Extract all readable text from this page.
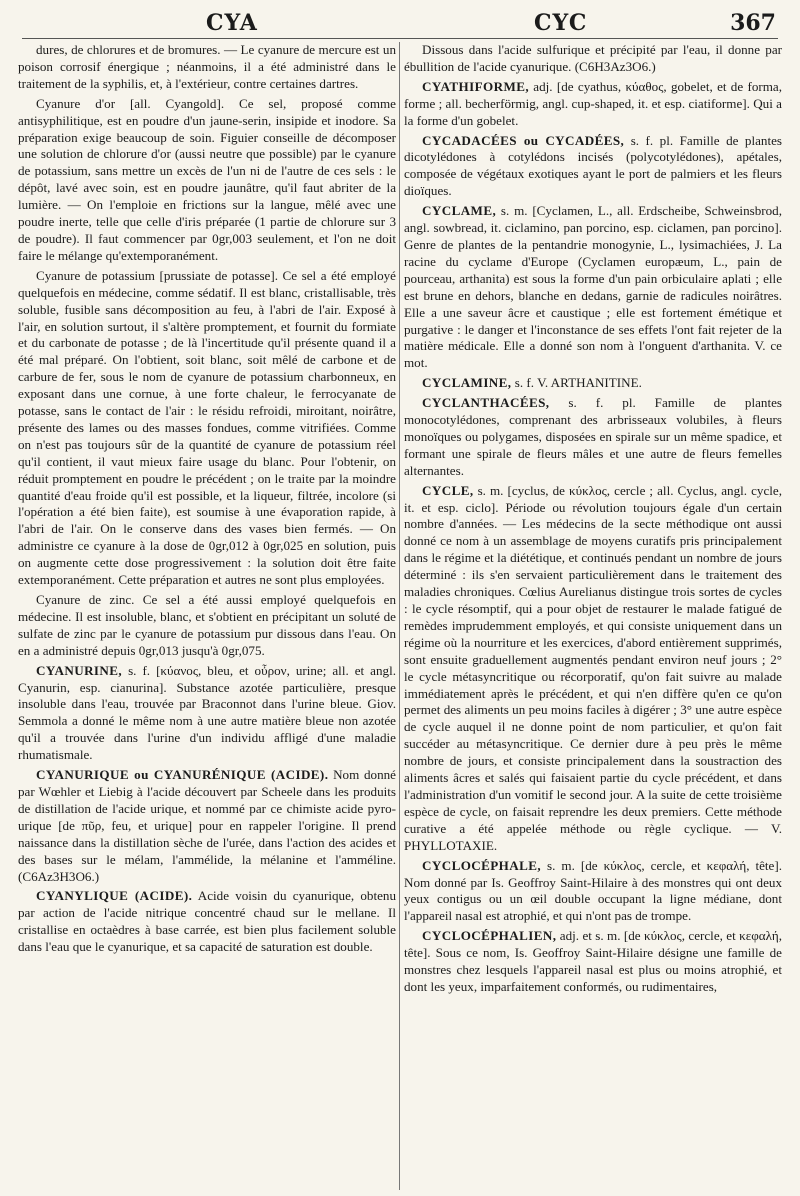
CYA	CYC	367

dures, de chlorures et de bromures. — Le cyanure de mercure est un poison corrosif énergique ; néanmoins, il a été administré dans le traitement de la syphilis, et, à l'extérieur, contre certaines dartres.

Cyanure d'or [all. Cyangold]. Ce sel, proposé comme antisyphilitique, est en poudre d'un jaune-serin, insipide et inodore. Sa préparation exige beaucoup de soin. Figuier conseille de décomposer une solution de chlorure d'or (aussi neutre que possible) par le cyanure de potassium, sans mettre un excès de l'un ni de l'autre de ces sels : le dépôt, lavé avec soin, est en poudre jaunâtre, qu'il faut abriter de la lumière. — On l'emploie en frictions sur la langue, mêlé avec une poudre inerte, telle que celle d'iris préparée (1 partie de chlorure sur 3 de poudre). Il faut commencer par 0gr,003 seulement, et l'on ne doit faire le mélange qu'extemporanément.

Cyanure de potassium [prussiate de potasse]. Ce sel a été employé quelquefois en médecine, comme sédatif. Il est blanc, cristallisable, très soluble, fusible sans décomposition au feu, à l'abri de l'air. Exposé à l'air, en solution surtout, il s'altère promptement, et fournit du formiate et du carbonate de potasse ; de là l'incertitude qu'il présente quand il a été mal préparé. On l'obtient, soit blanc, soit mêlé de carbone et de carbure de fer, sous le nom de cyanure de potassium charbonneux, en exposant dans une cornue, à une forte chaleur, le ferrocyanate de potasse, sans le contact de l'air : le résidu refroidi, miroitant, noirâtre, présente des lames ou des masses fondues, comme vitrifiées. Comme on n'est pas toujours sûr de la quantité de cyanure de potassium réel qu'il contient, il vaut mieux faire usage du blanc. Pour l'obtenir, on réduit promptement en poudre le précédent ; on le traite par la moindre quantité d'eau froide qu'il est possible, et la liqueur, filtrée, incolore (si l'opération a été bien faite), est soumise à une évaporation rapide, à l'abri de l'air. On le conserve dans des vases bien fermés. — On administre ce cyanure à la dose de 0gr,012 à 0gr,025 en solution, puis on augmente cette dose progressivement : la solution doit être faite extemporanément. Cette préparation et autres ne sont plus employées.

Cyanure de zinc. Ce sel a été aussi employé quelquefois en médecine. Il est insoluble, blanc, et s'obtient en précipitant un soluté de sulfate de zinc par le cyanure de potassium pur dissous dans l'eau. On en a administré depuis 0gr,013 jusqu'à 0gr,075.

CYANURINE, s. f. [κύανος, bleu, et οὖρον, urine; all. et angl. Cyanurin, esp. cianurina]. Substance azotée particulière, presque insoluble dans l'eau, trouvée par Braconnot dans l'urine bleue. Giov. Semmola a donné le même nom à une autre matière bleue non azotée qu'il a trouvée dans l'urine d'un individu affligé d'une maladie rhumatismale.

CYANURIQUE ou CYANURÉNIQUE (ACIDE). Nom donné par Wœhler et Liebig à l'acide découvert par Scheele dans les produits de distillation de l'acide urique, et nommé par ce chimiste acide pyro-urique [de πῦρ, feu, et urique] pour en rappeler l'origine. Il prend naissance dans la distillation sèche de l'urée, dans l'action des acides et des bases sur le mélam, l'ammélide, la mélanine et l'amméline. (C6Az3H3O6.)

CYANYLIQUE (ACIDE). Acide voisin du cyanurique, obtenu par action de l'acide nitrique concentré chaud sur le mellane. Il cristallise en octaèdres à base carrée, est bien plus facilement soluble dans l'eau que le cyanurique, et sa capacité de saturation est double.

Dissous dans l'acide sulfurique et précipité par l'eau, il donne par ébullition de l'acide cyanurique. (C6H3Az3O6.)

CYATHIFORME, adj. [de cyathus, κύαθος, gobelet, et de forma, forme ; all. becherförmig, angl. cup-shaped, it. et esp. ciatiforme]. Qui a la forme d'un gobelet.

CYCADACÉES ou CYCADÉES, s. f. pl. Famille de plantes dicotylédones à cotylédons incisés (polycotylédones), apétales, composée de végétaux exotiques ayant le port de palmiers et les fleurs dioïques.

CYCLAME, s. m. [Cyclamen, L., all. Erdscheibe, Schweinsbrod, angl. sowbread, it. ciclamino, pan porcino, esp. ciclamen, pan porcino]. Genre de plantes de la pentandrie monogynie, L., lysimachiées, J. La racine du cyclame d'Europe (Cyclamen europæum, L., pain de pourceau, arthanita) est sous la forme d'un pain orbiculaire aplati ; elle est brune en dehors, blanche en dedans, garnie de radicules noirâtres. Elle a une saveur âcre et caustique ; elle est fortement émétique et purgative : le danger et l'inconstance de ses effets l'ont fait rejeter de la matière médicale. Elle a donné son nom à l'onguent d'arthanita. V. ce mot.

CYCLAMINE, s. f. V. ARTHANITINE.

CYCLANTHACÉES, s. f. pl. Famille de plantes monocotylédones, comprenant des arbrisseaux volubiles, à fleurs monoïques ou polygames, disposées en spirale sur un même spadice, et formant une spirale de fleurs mâles et une autre de fleurs femelles alternantes.

CYCLE, s. m. [cyclus, de κύκλος, cercle ; all. Cyclus, angl. cycle, it. et esp. ciclo]. Période ou révolution toujours égale d'un certain nombre d'années. — Les médecins de la secte méthodique ont aussi donné ce nom à un assemblage de moyens curatifs pris principalement dans le régime et la diététique, et continués pendant un nombre de jours déterminé : ils s'en servaient particulièrement dans le traitement des maladies chroniques. Cœlius Aurelianus distingue trois sortes de cycles : le cycle résomptif, qui a pour objet de restaurer le malade fatigué de remèdes imprudemment employés, et qui consiste uniquement dans un régime où la nourriture et les exercices, d'abord entièrement supprimés, sont ensuite graduellement augmentés pendant environ neuf jours ; 2° le cycle métasyncritique ou récorporatif, qu'on fait suivre au malade immédiatement après le précédent, et qui n'en diffère qu'en ce qu'on permet des aliments un peu moins faciles à digérer ; 3° une autre espèce de cycle auquel il ne donne point de nom particulier, et qu'on fait succéder au métasyncritique. Ce dernier dure à peu près le même nombre de jours, et consiste principalement dans la soustraction des aliments âcres et salés qui faisaient partie du cycle précédent, et dans l'administration d'un vomitif le second jour. A la suite de cette troisième espèce de cycle, on faisait reprendre les deux premiers. Cette méthode curative a été appelée méthode ou règle cyclique. — V. PHYLLOTAXIE.

CYCLOCÉPHALE, s. m. [de κύκλος, cercle, et κεφαλή, tête]. Nom donné par Is. Geoffroy Saint-Hilaire à des monstres qui ont deux yeux contigus ou un œil double occupant la ligne médiane, dont l'appareil nasal est atrophié, et qui n'ont pas de trompe.

CYCLOCÉPHALIEN, adj. et s. m. [de κύκλος, cercle, et κεφαλή, tête]. Sous ce nom, Is. Geoffroy Saint-Hilaire désigne une famille de monstres chez lesquels l'appareil nasal est plus ou moins atrophié, et dont les yeux, imparfaitement conformés, ou rudimentaires,
